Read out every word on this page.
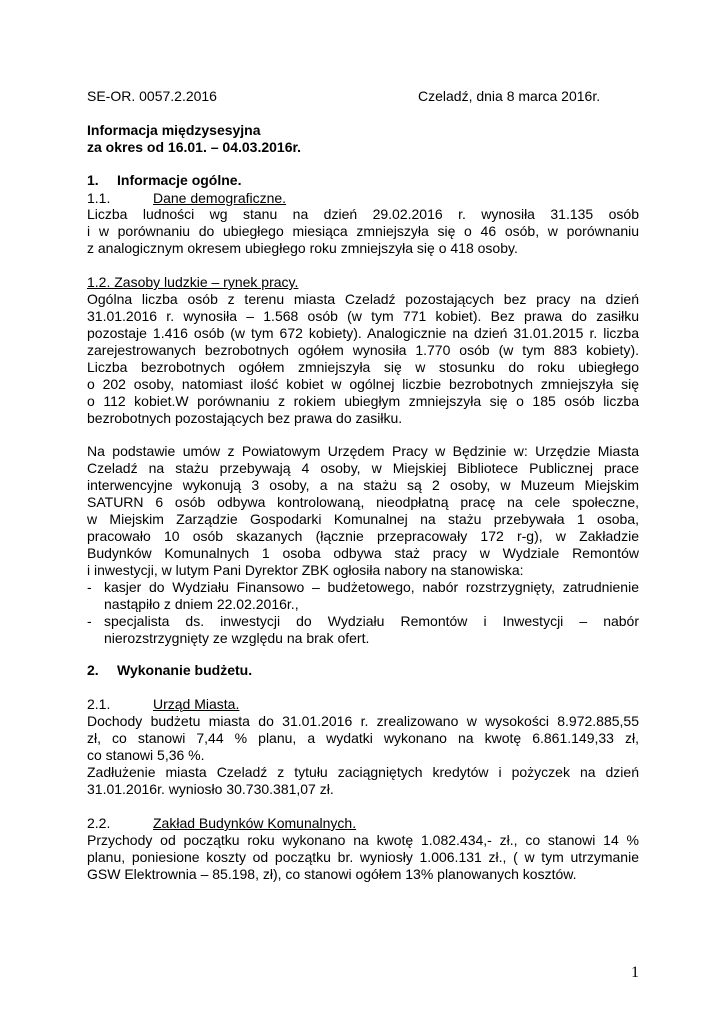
SE-OR. 0057.2.2016	Czeladź, dnia 8 marca 2016r.
Informacja międzysesyjna
za okres od 16.01. – 04.03.2016r.
1. Informacje ogólne.
1.1.	Dane demograficzne.
Liczba ludności wg stanu na dzień 29.02.2016 r. wynosiła 31.135 osób
i w porównaniu do ubiegłego miesiąca zmniejszyła się o 46 osób, w porównaniu
z analogicznym okresem ubiegłego roku zmniejszyła się o 418 osoby.
1.2. Zasoby ludzkie – rynek pracy.
Ogólna liczba osób z terenu miasta Czeladź pozostających bez pracy na dzień
31.01.2016 r. wynosiła – 1.568 osób (w tym 771 kobiet). Bez prawa do zasiłku
pozostaje 1.416 osób (w tym 672 kobiety). Analogicznie na dzień 31.01.2015 r. liczba
zarejestrowanych bezrobotnych ogółem wynosiła 1.770 osób (w tym 883 kobiety).
Liczba bezrobotnych ogółem zmniejszyła się w stosunku do roku ubiegłego
o 202 osoby, natomiast ilość kobiet w ogólnej liczbie bezrobotnych zmniejszyła się
o 112 kobiet.W porównaniu z rokiem ubiegłym zmniejszyła się o 185 osób liczba
bezrobotnych pozostających bez prawa do zasiłku.
Na podstawie umów z Powiatowym Urzędem Pracy w Będzinie w: Urzędzie Miasta
Czeladź na stażu przebywają 4 osoby, w Miejskiej Bibliotece Publicznej prace
interwencyjne wykonują 3 osoby, a na stażu są 2 osoby, w Muzeum Miejskim
SATURN 6 osób odbywa kontrolowaną, nieodpłatną pracę na cele społeczne,
w Miejskim Zarządzie Gospodarki Komunalnej na stażu przebywała 1 osoba,
pracowało 10 osób skazanych (łącznie przepracowały 172 r-g), w Zakładzie
Budynków Komunalnych 1 osoba odbywa staż pracy w Wydziale Remontów
i inwestycji, w lutym Pani Dyrektor ZBK ogłosiła nabory na stanowiska:
- kasjer do Wydziału Finansowo – budżetowego, nabór rozstrzygnięty, zatrudnienie
nastąpiło z dniem 22.02.2016r.,
- specjalista ds. inwestycji do Wydziału Remontów i Inwestycji – nabór
nierozstrzygnięty ze względu na brak ofert.
2. Wykonanie budżetu.
2.1.	Urząd Miasta.
Dochody budżetu miasta do 31.01.2016 r. zrealizowano w wysokości 8.972.885,55
zł, co stanowi 7,44 % planu, a wydatki wykonano na kwotę 6.861.149,33 zł,
co stanowi 5,36 %.
Zadłużenie miasta Czeladź z tytułu zaciągniętych kredytów i pożyczek na dzień
31.01.2016r. wyniosło 30.730.381,07 zł.
2.2.	Zakład Budynków Komunalnych.
Przychody od początku roku wykonano na kwotę 1.082.434,- zł., co stanowi 14 %
planu, poniesione koszty od początku br. wyniosły 1.006.131 zł., ( w tym utrzymanie
GSW Elektrownia – 85.198, zł), co stanowi ogółem 13% planowanych kosztów.
1
